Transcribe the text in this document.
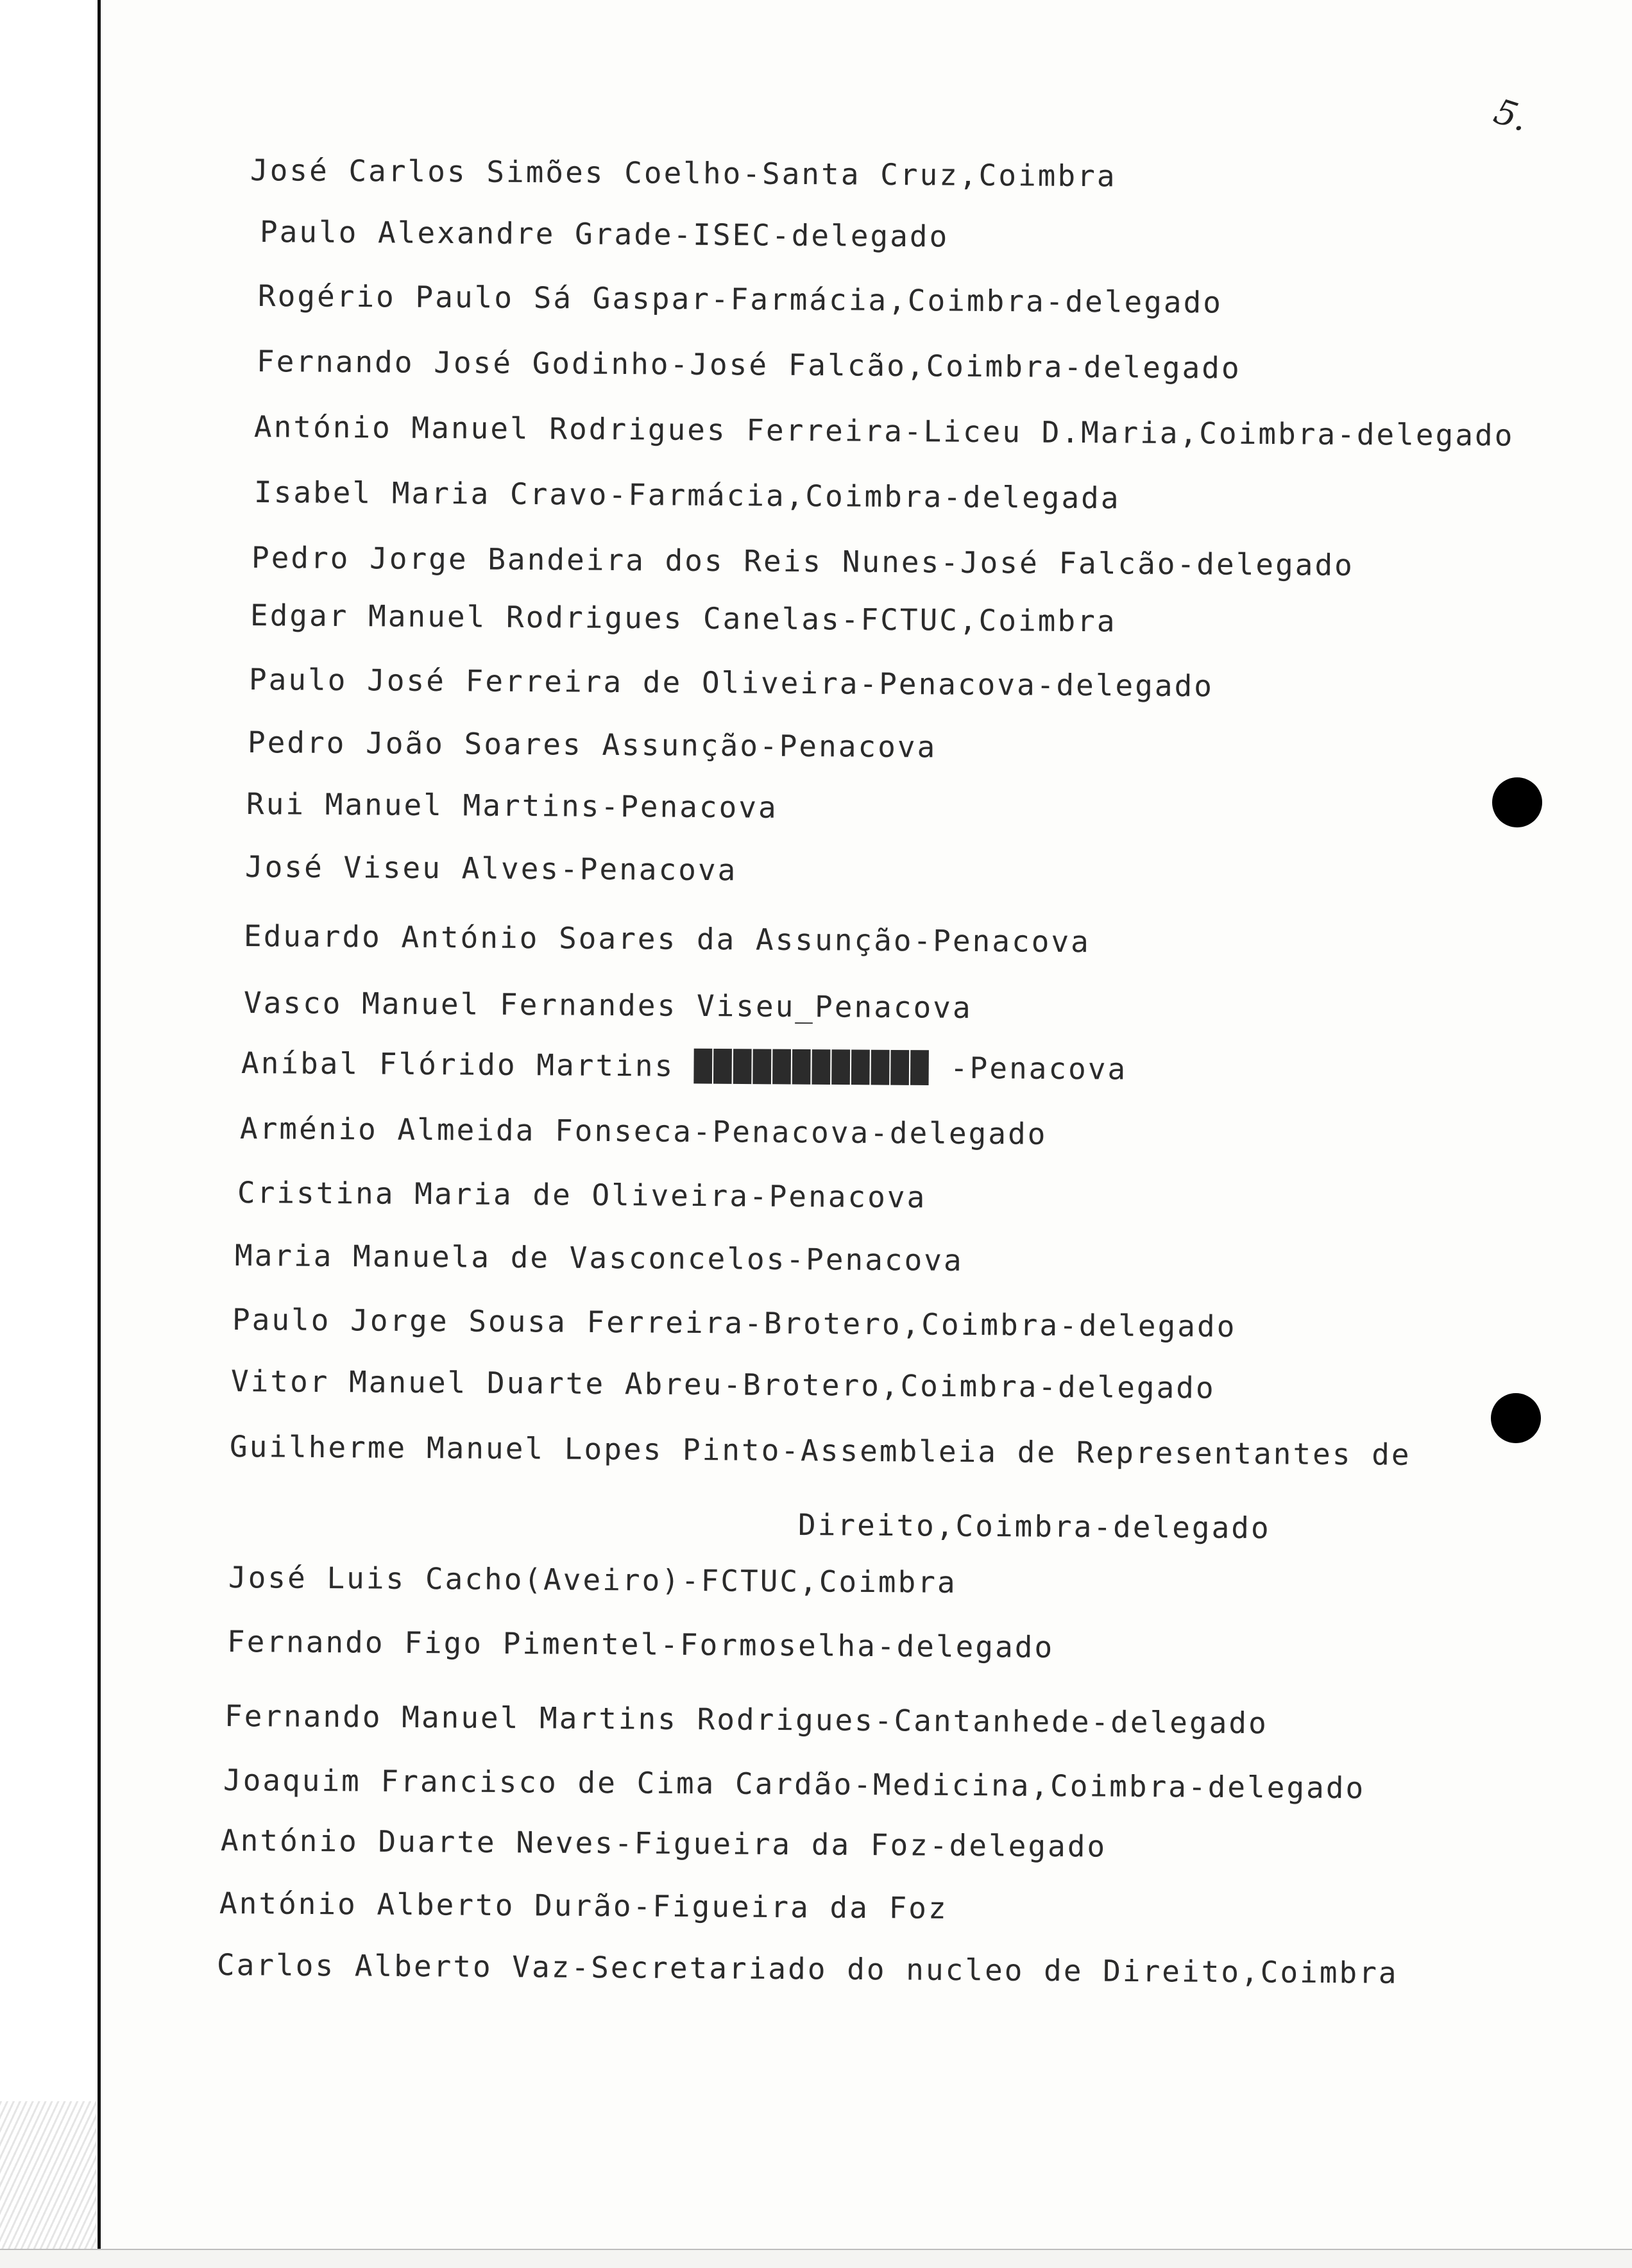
5.
José Carlos Simões Coelho-Santa Cruz,Coimbra
Paulo Alexandre Grade-ISEC-delegado
Rogério Paulo Sá Gaspar-Farmácia,Coimbra-delegado
Fernando José Godinho-José Falcão,Coimbra-delegado
António Manuel Rodrigues Ferreira-Liceu D.Maria,Coimbra-delegado
Isabel Maria Cravo-Farmácia,Coimbra-delegada
Pedro Jorge Bandeira dos Reis Nunes-José Falcão-delegado
Edgar Manuel Rodrigues Canelas-FCTUC,Coimbra
Paulo José Ferreira de Oliveira-Penacova-delegado
Pedro João Soares Assunção-Penacova
Rui Manuel Martins-Penacova
José Viseu Alves-Penacova
Eduardo António Soares da Assunção-Penacova
Vasco Manuel Fernandes Viseu_Penacova
Aníbal Flórido Martins ████████████ -Penacova
Arménio Almeida Fonseca-Penacova-delegado
Cristina Maria de Oliveira-Penacova
Maria Manuela de Vasconcelos-Penacova
Paulo Jorge Sousa Ferreira-Brotero,Coimbra-delegado
Vitor Manuel Duarte Abreu-Brotero,Coimbra-delegado
Guilherme Manuel Lopes Pinto-Assembleia de Representantes de
Direito,Coimbra-delegado
José Luis Cacho(Aveiro)-FCTUC,Coimbra
Fernando Figo Pimentel-Formoselha-delegado
Fernando Manuel Martins Rodrigues-Cantanhede-delegado
Joaquim Francisco de Cima Cardão-Medicina,Coimbra-delegado
António Duarte Neves-Figueira da Foz-delegado
António Alberto Durão-Figueira da Foz
Carlos Alberto Vaz-Secretariado do nucleo de Direito,Coimbra
